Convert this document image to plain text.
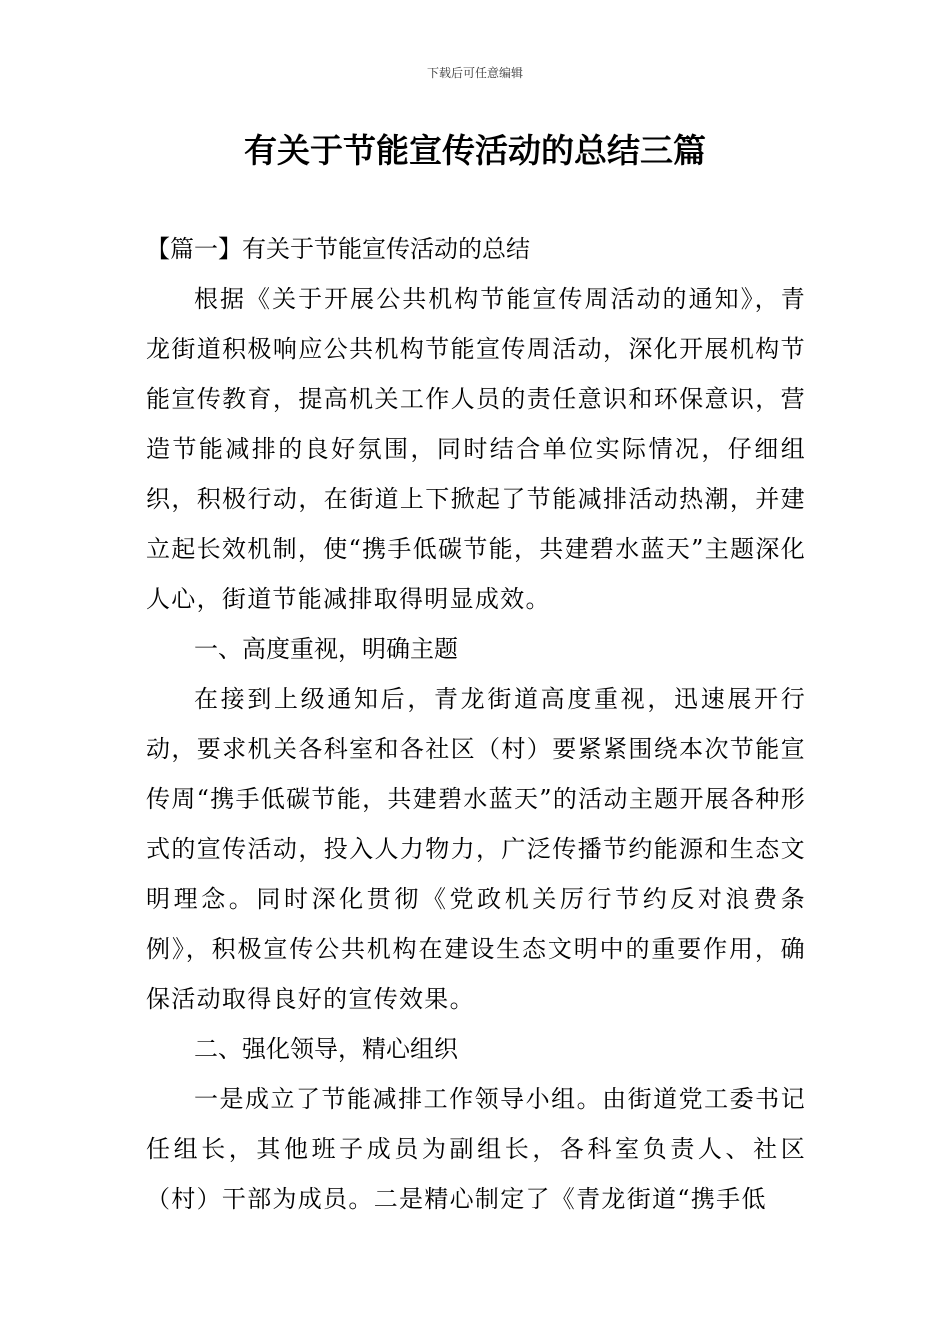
下载后可任意编辑
有关于节能宣传活动的总结三篇
【篇一】有关于节能宣传活动的总结

根据《关于开展公共机构节能宣传周活动的通知》，青龙街道积极响应公共机构节能宣传周活动，深化开展机构节能宣传教育，提高机关工作人员的责任意识和环保意识，营造节能减排的良好氛围，同时结合单位实际情况，仔细组织，积极行动，在街道上下掀起了节能减排活动热潮，并建立起长效机制，使“携手低碳节能，共建碧水蓝天”主题深化人心，街道节能减排取得明显成效。

一、高度重视，明确主题

在接到上级通知后，青龙街道高度重视，迅速展开行动，要求机关各科室和各社区（村）要紧紧围绕本次节能宣传周“携手低碳节能，共建碧水蓝天”的活动主题开展各种形式的宣传活动，投入人力物力，广泛传播节约能源和生态文明理念。同时深化贯彻《党政机关厉行节约反对浪费条例》，积极宣传公共机构在建设生态文明中的重要作用，确保活动取得良好的宣传效果。

二、强化领导，精心组织

一是成立了节能减排工作领导小组。由街道党工委书记任组长，其他班子成员为副组长，各科室负责人、社区（村）干部为成员。二是精心制定了《青龙街道“携手低
